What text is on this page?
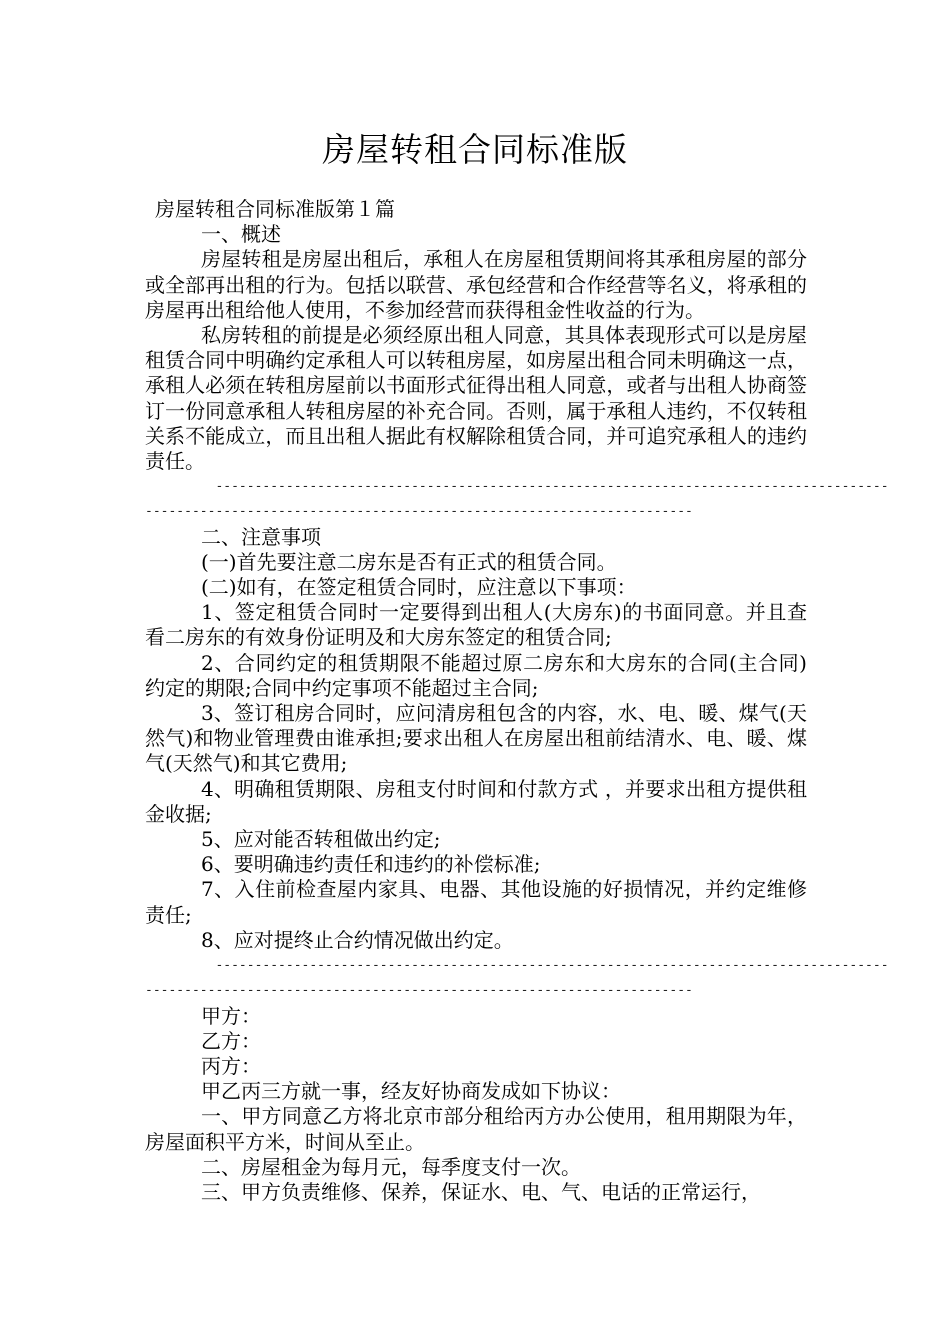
房屋转租合同标准版

房屋转租合同标准版第１篇

一、概述

房屋转租是房屋出租后，承租人在房屋租赁期间将其承租房屋的部分或全部再出租的行为。包括以联营、承包经营和合作经营等名义，将承租的房屋再出租给他人使用，不参加经营而获得租金性收益的行为。

私房转租的前提是必须经原出租人同意，其具体表现形式可以是房屋租赁合同中明确约定承租人可以转租房屋，如房屋出租合同未明确这一点，承租人必须在转租房屋前以书面形式征得出租人同意，或者与出租人协商签订一份同意承租人转租房屋的补充合同。否则，属于承租人违约，不仅转租关系不能成立，而且出租人据此有权解除租赁合同，并可追究承租人的违约责任。

--------------------------------------------------------------------------------------
----------------------------------------------------------------------

二、注意事项

(一)首先要注意二房东是否有正式的租赁合同。

(二)如有，在签定租赁合同时，应注意以下事项：

1、签定租赁合同时一定要得到出租人(大房东)的书面同意。并且查看二房东的有效身份证明及和大房东签定的租赁合同;

2、合同约定的租赁期限不能超过原二房东和大房东的合同(主合同)约定的期限;合同中约定事项不能超过主合同;

3、签订租房合同时，应问清房租包含的内容，水、电、暖、煤气(天然气)和物业管理费由谁承担;要求出租人在房屋出租前结清水、电、暖、煤气(天然气)和其它费用;

4、明确租赁期限、房租支付时间和付款方式 ，并要求出租方提供租金收据;

5、应对能否转租做出约定;

6、要明确违约责任和违约的补偿标准;

7、入住前检查屋内家具、电器、其他设施的好损情况，并约定维修责任;

8、应对提终止合约情况做出约定。

--------------------------------------------------------------------------------------
----------------------------------------------------------------------

甲方：

乙方：

丙方：

甲乙丙三方就一事，经友好协商发成如下协议：

一、甲方同意乙方将北京市部分租给丙方办公使用，租用期限为年，房屋面积平方米，时间从至止。

二、房屋租金为每月元，每季度支付一次。

三、甲方负责维修、保养，保证水、电、气、电话的正常运行，
